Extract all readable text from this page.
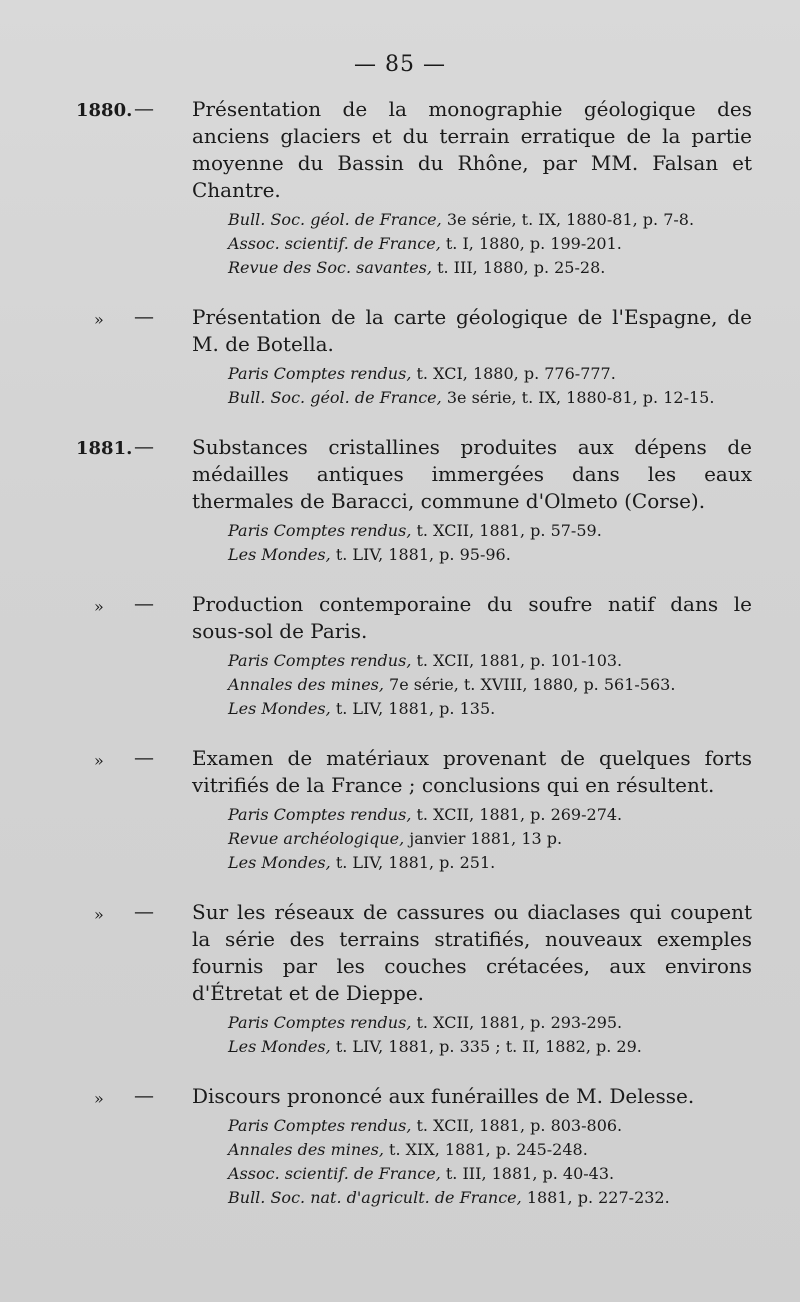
— 85 —
1880. — Présentation de la monographie géologique des anciens glaciers et du terrain erratique de la partie moyenne du Bassin du Rhône, par MM. Falsan et Chantre.
Bull. Soc. géol. de France, 3e série, t. IX, 1880-81, p. 7-8.
Assoc. scientif. de France, t. I, 1880, p. 199-201.
Revue des Soc. savantes, t. III, 1880, p. 25-28.
» — Présentation de la carte géologique de l'Espagne, de M. de Botella.
Paris Comptes rendus, t. XCI, 1880, p. 776-777.
Bull. Soc. géol. de France, 3e série, t. IX, 1880-81, p. 12-15.
1881. — Substances cristallines produites aux dépens de médailles antiques immergées dans les eaux thermales de Baracci, commune d'Olmeto (Corse).
Paris Comptes rendus, t. XCII, 1881, p. 57-59.
Les Mondes, t. LIV, 1881, p. 95-96.
» — Production contemporaine du soufre natif dans le sous-sol de Paris.
Paris Comptes rendus, t. XCII, 1881, p. 101-103.
Annales des mines, 7e série, t. XVIII, 1880, p. 561-563.
Les Mondes, t. LIV, 1881, p. 135.
» — Examen de matériaux provenant de quelques forts vitrifiés de la France ; conclusions qui en résultent.
Paris Comptes rendus, t. XCII, 1881, p. 269-274.
Revue archéologique, janvier 1881, 13 p.
Les Mondes, t. LIV, 1881, p. 251.
» — Sur les réseaux de cassures ou diaclases qui coupent la série des terrains stratifiés, nouveaux exemples fournis par les couches crétacées, aux environs d'Étretat et de Dieppe.
Paris Comptes rendus, t. XCII, 1881, p. 293-295.
Les Mondes, t. LIV, 1881, p. 335 ; t. II, 1882, p. 29.
» — Discours prononcé aux funérailles de M. Delesse.
Paris Comptes rendus, t. XCII, 1881, p. 803-806.
Annales des mines, t. XIX, 1881, p. 245-248.
Assoc. scientif. de France, t. III, 1881, p. 40-43.
Bull. Soc. nat. d'agricult. de France, 1881, p. 227-232.
